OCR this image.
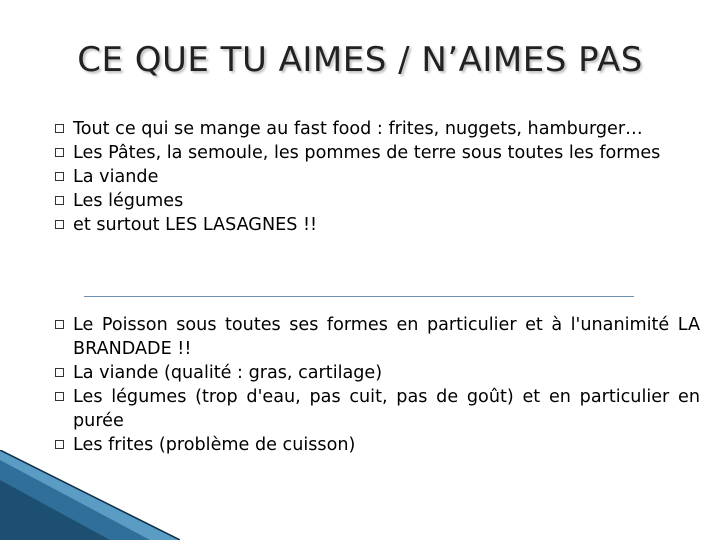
CE QUE TU AIMES / N’AIMES PAS
Tout ce qui se mange au fast food : frites, nuggets, hamburger…
Les Pâtes, la semoule, les pommes de terre sous toutes les formes
La viande
Les légumes
et surtout LES LASAGNES !!
Le Poisson sous toutes ses formes en particulier et à l'unanimité LA BRANDADE !!
La viande (qualité : gras, cartilage)
Les légumes (trop d'eau, pas cuit, pas de goût) et en particulier en purée
Les frites (problème de cuisson)
